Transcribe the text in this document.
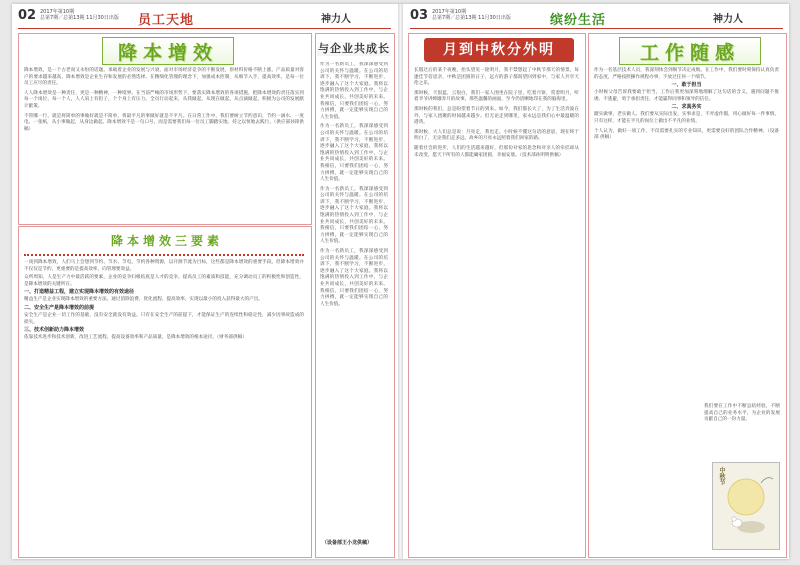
02 2017年第10期
总第7期／总第13期 11月30日出版 员工天地	神力人
降本增效

降本增效，是一个古老而又永恒的话题。承载着企业的发展与兴衰，面对市场经济竞争的不断发展，原材料价格不断上涨，产品质量对客户的要求越来越高，降本增效是企业生存和发展的必然选择。在精细化管理的理念下，加强成本控制，从细节入手，提高效率，是每一位员工应尽的责任。

人人降本增效是一种责任，更是一种精神，一种境界。在当前严峻的市场形势下，要落实降本增效的各项措施，把降本增效的责任落实到每一个岗位、每一个人，人人肩上有担子，个个身上有压力。全员行动起来，从我做起，从现在做起，从点滴做起，积极为公司的发展献计献策。

不管哪一行，就是将简单的事做好就是不简单，将最平凡的事做好就是不平凡。在日常工作中，我们要树立节约意识，节约一滴水、一度电、一张纸，从小事做起，从身边做起。降本增效不是一句口号，而是需要我们每一位员工脚踏实地、持之以恒地去践行。（供应部孙锋供稿）

降本增效三要素

一谈到降本增效，人们马上会想到节约、节水、节电、节约各种资源，以开源节流为目标，这些都是降本增效的重要手段。但降本增效并不仅仅是节约，更重要的是提高效率，向管理要效益。

众所周知，人是生产力中最活跃的要素，企业的竞争归根结底是人才的竞争。提高员工的素质和技能，充分调动员工的积极性和创造性，是降本增效的关键所在。

一、打造精益工程，建立实现降本增效的有效途径

精益生产是企业实现降本增效的重要方法，通过消除浪费、优化流程、提高效率，实现以最小的投入获得最大的产出。

二、安全生产是降本增效的前提

安全生产是企业一切工作的基础，没有安全就没有效益。只有在安全生产的前提下，才能保证生产的连续性和稳定性，减少因事故造成的损失。

三、技术创新助力降本增效

依靠技术进步和技术创新，改进工艺流程，提高设备效率和产品质量，是降本增效的根本途径。（财务部供稿）

与企业共成长

作为一名新员工，我深深感受到公司的关怀与温暖。在公司的培训下，我不断学习，不断进步，逐步融入了这个大家庭。我将以饱满的热情投入到工作中，与企业共同成长，共创美好的未来。我相信，只要我们团结一心，努力拼搏，就一定能够实现自己的人生价值。

作为一名新员工，我深深感受到公司的关怀与温暖。在公司的培训下，我不断学习，不断进步，逐步融入了这个大家庭。我将以饱满的热情投入到工作中，与企业共同成长，共创美好的未来。我相信，只要我们团结一心，努力拼搏，就一定能够实现自己的人生价值。

作为一名新员工，我深深感受到公司的关怀与温暖。在公司的培训下，我不断学习，不断进步，逐步融入了这个大家庭。我将以饱满的热情投入到工作中，与企业共同成长，共创美好的未来。我相信，只要我们团结一心，努力拼搏，就一定能够实现自己的人生价值。

作为一名新员工，我深深感受到公司的关怀与温暖。在公司的培训下，我不断学习，不断进步，逐步融入了这个大家庭。我将以饱满的热情投入到工作中，与企业共同成长，共创美好的未来。我相信，只要我们团结一心，努力拼搏，就一定能够实现自己的人生价值。

（设备部王小龙供稿）
03 2017年第10期
总第7期／总第13期 11月30日出版	缤纷生活	神力人
月到中秋分外明

长假过后的某个夜晚，抬头望见一轮明月，我不禁想起了中秋节那天的情景。每逢佳节倍思亲，中秋是团圆的日子，远方的游子都渴望回到家中，与家人共享天伦之乐。

那时候，天很蓝，云很白，我们一家人围坐在院子里，吃着月饼，赏着明月，听着爷爷讲嫦娥奔月的故事。那些温馨的画面，至今仍清晰地印在我的脑海里。

那时候的我们，总是盼望着节日的到来。如今，我们都长大了，为了生活奔波在外，与家人团聚的时间越来越少。但无论走到哪里，家永远是我们心中最温暖的港湾。

那时候，大人们总是说：月亮走，我也走。小时候不懂这句话的意思，现在终于明白了，无论我们走多远，故乡的月亮永远照着我们回家的路。

随着社会的进步，人们的生活越来越好，但那份对家的思念和对亲人的牵挂却从未改变。愿天下所有的人都能阖家团圆，幸福安康。（技术部孙明明供稿）

工作随感

作为一名基层技术人员，我深刻体会到细节决定成败。在工作中，我们要时刻保持认真负责的态度，严格按照操作规程办事，不放过任何一个细节。

一、敢于担当

小时候父母告诉我要敢于担当，工作后我更加深刻地理解了这句话的含义。遇到问题不推诿、不逃避，勇于承担责任，才能赢得同事和领导的信任。

二、求真务实

踏实做事，老实做人。我们要从实际出发，实事求是，不弄虚作假，用心做好每一件事情。只有这样，才能在平凡的岗位上做出不平凡的业绩。

个人认为，做好一项工作，不仅需要扎实的专业知识，更需要良好的团队合作精神。（设备部 供稿）

我们要在工作中不断总结经验，不断提高自己的业务水平，为企业的发展贡献自己的一份力量。

中秋节
